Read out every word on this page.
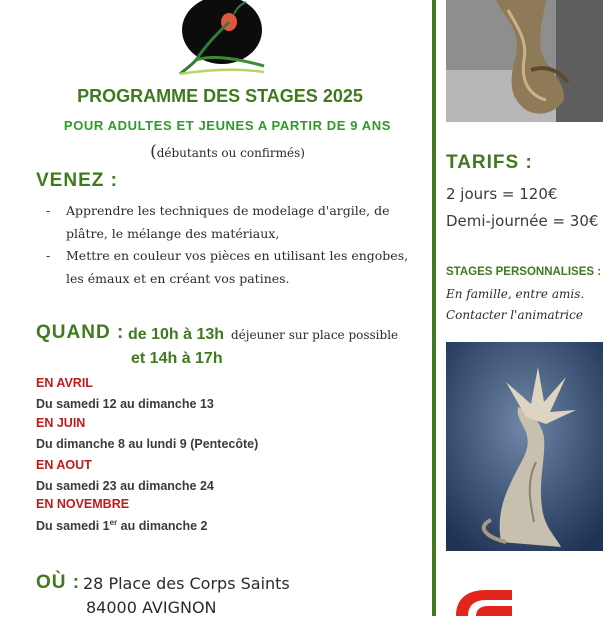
PROGRAMME DES STAGES 2025
POUR ADULTES ET JEUNES A PARTIR DE 9 ANS
(débutants ou confirmés)
VENEZ :
- Apprendre les techniques de modelage d'argile, de plâtre, le mélange des matériaux,
- Mettre en couleur vos pièces en utilisant les engobes, les émaux et en créant vos patines.
QUAND : de 10h à 13h déjeuner sur place possible
et 14h à 17h
EN AVRIL
Du samedi 12 au dimanche 13
EN JUIN
Du dimanche 8 au lundi 9 (Pentecôte)
EN AOUT
Du samedi 23 au dimanche 24
EN NOVEMBRE
Du samedi 1er au dimanche 2
OÙ : 28 Place des Corps Saints
84000 AVIGNON
TARIFS :
2 jours = 120€
Demi-journée = 30€
STAGES PERSONNALISES :
En famille, entre amis.
Contacter l'animatrice
